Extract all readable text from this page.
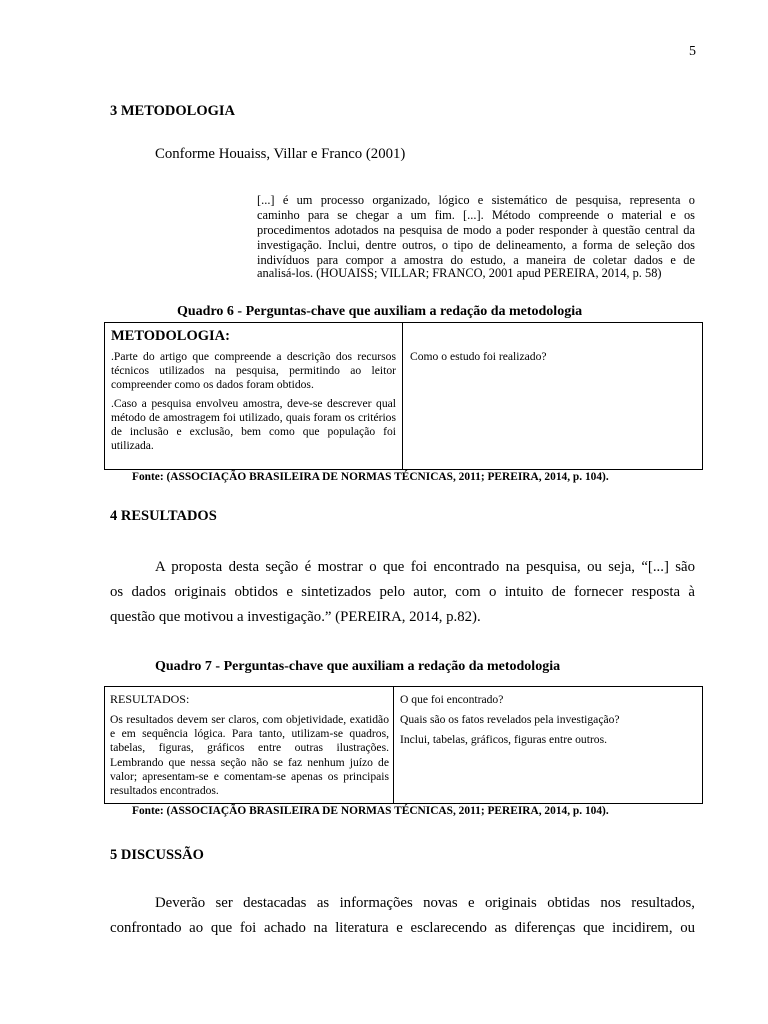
5
3 METODOLOGIA
Conforme Houaiss, Villar e Franco (2001)
[...] é um processo organizado, lógico e sistemático de pesquisa, representa o
caminho para se chegar a um fim. [...]. Método compreende o material e os
procedimentos adotados na pesquisa de modo a poder responder à questão central da
investigação. Inclui, dentre outros, o tipo de delineamento, a forma de seleção dos
indivíduos para compor a amostra do estudo, a maneira de coletar dados e de
analisá-los. (HOUAISS; VILLAR; FRANCO, 2001 apud PEREIRA, 2014, p. 58)
Quadro 6 - Perguntas-chave que auxiliam a redação da metodologia
METODOLOGIA:

.Parte do artigo que compreende a descrição dos recursos técnicos utilizados na pesquisa, permitindo ao leitor compreender como os dados foram obtidos.

.Caso a pesquisa envolveu amostra, deve-se descrever qual método de amostragem foi utilizado, quais foram os critérios de inclusão e exclusão, bem como que população foi utilizada.

Como o estudo foi realizado?
Fonte: (ASSOCIAÇÃO BRASILEIRA DE NORMAS TÉCNICAS, 2011; PEREIRA, 2014, p. 104).
4 RESULTADOS
A proposta desta seção é mostrar o que foi encontrado na pesquisa, ou seja, “[...] são
os dados originais obtidos e sintetizados pelo autor, com o intuito de fornecer resposta à
questão que motivou a investigação.” (PEREIRA, 2014, p.82).
Quadro 7 - Perguntas-chave que auxiliam a redação da metodologia
RESULTADOS:

Os resultados devem ser claros, com objetividade, exatidão e em sequência lógica. Para tanto, utilizam-se quadros, tabelas, figuras, gráficos entre outras ilustrações. Lembrando que nessa seção não se faz nenhum juízo de valor; apresentam-se e comentam-se apenas os principais resultados encontrados.

O que foi encontrado?

Quais são os fatos revelados pela investigação?

Inclui, tabelas, gráficos, figuras entre outros.

Fonte: (ASSOCIAÇÃO BRASILEIRA DE NORMAS TÉCNICAS, 2011; PEREIRA, 2014, p. 104).
5 DISCUSSÃO
Deverão ser destacadas as informações novas e originais obtidas nos resultados,
confrontado ao que foi achado na literatura e esclarecendo as diferenças que incidirem, ou
